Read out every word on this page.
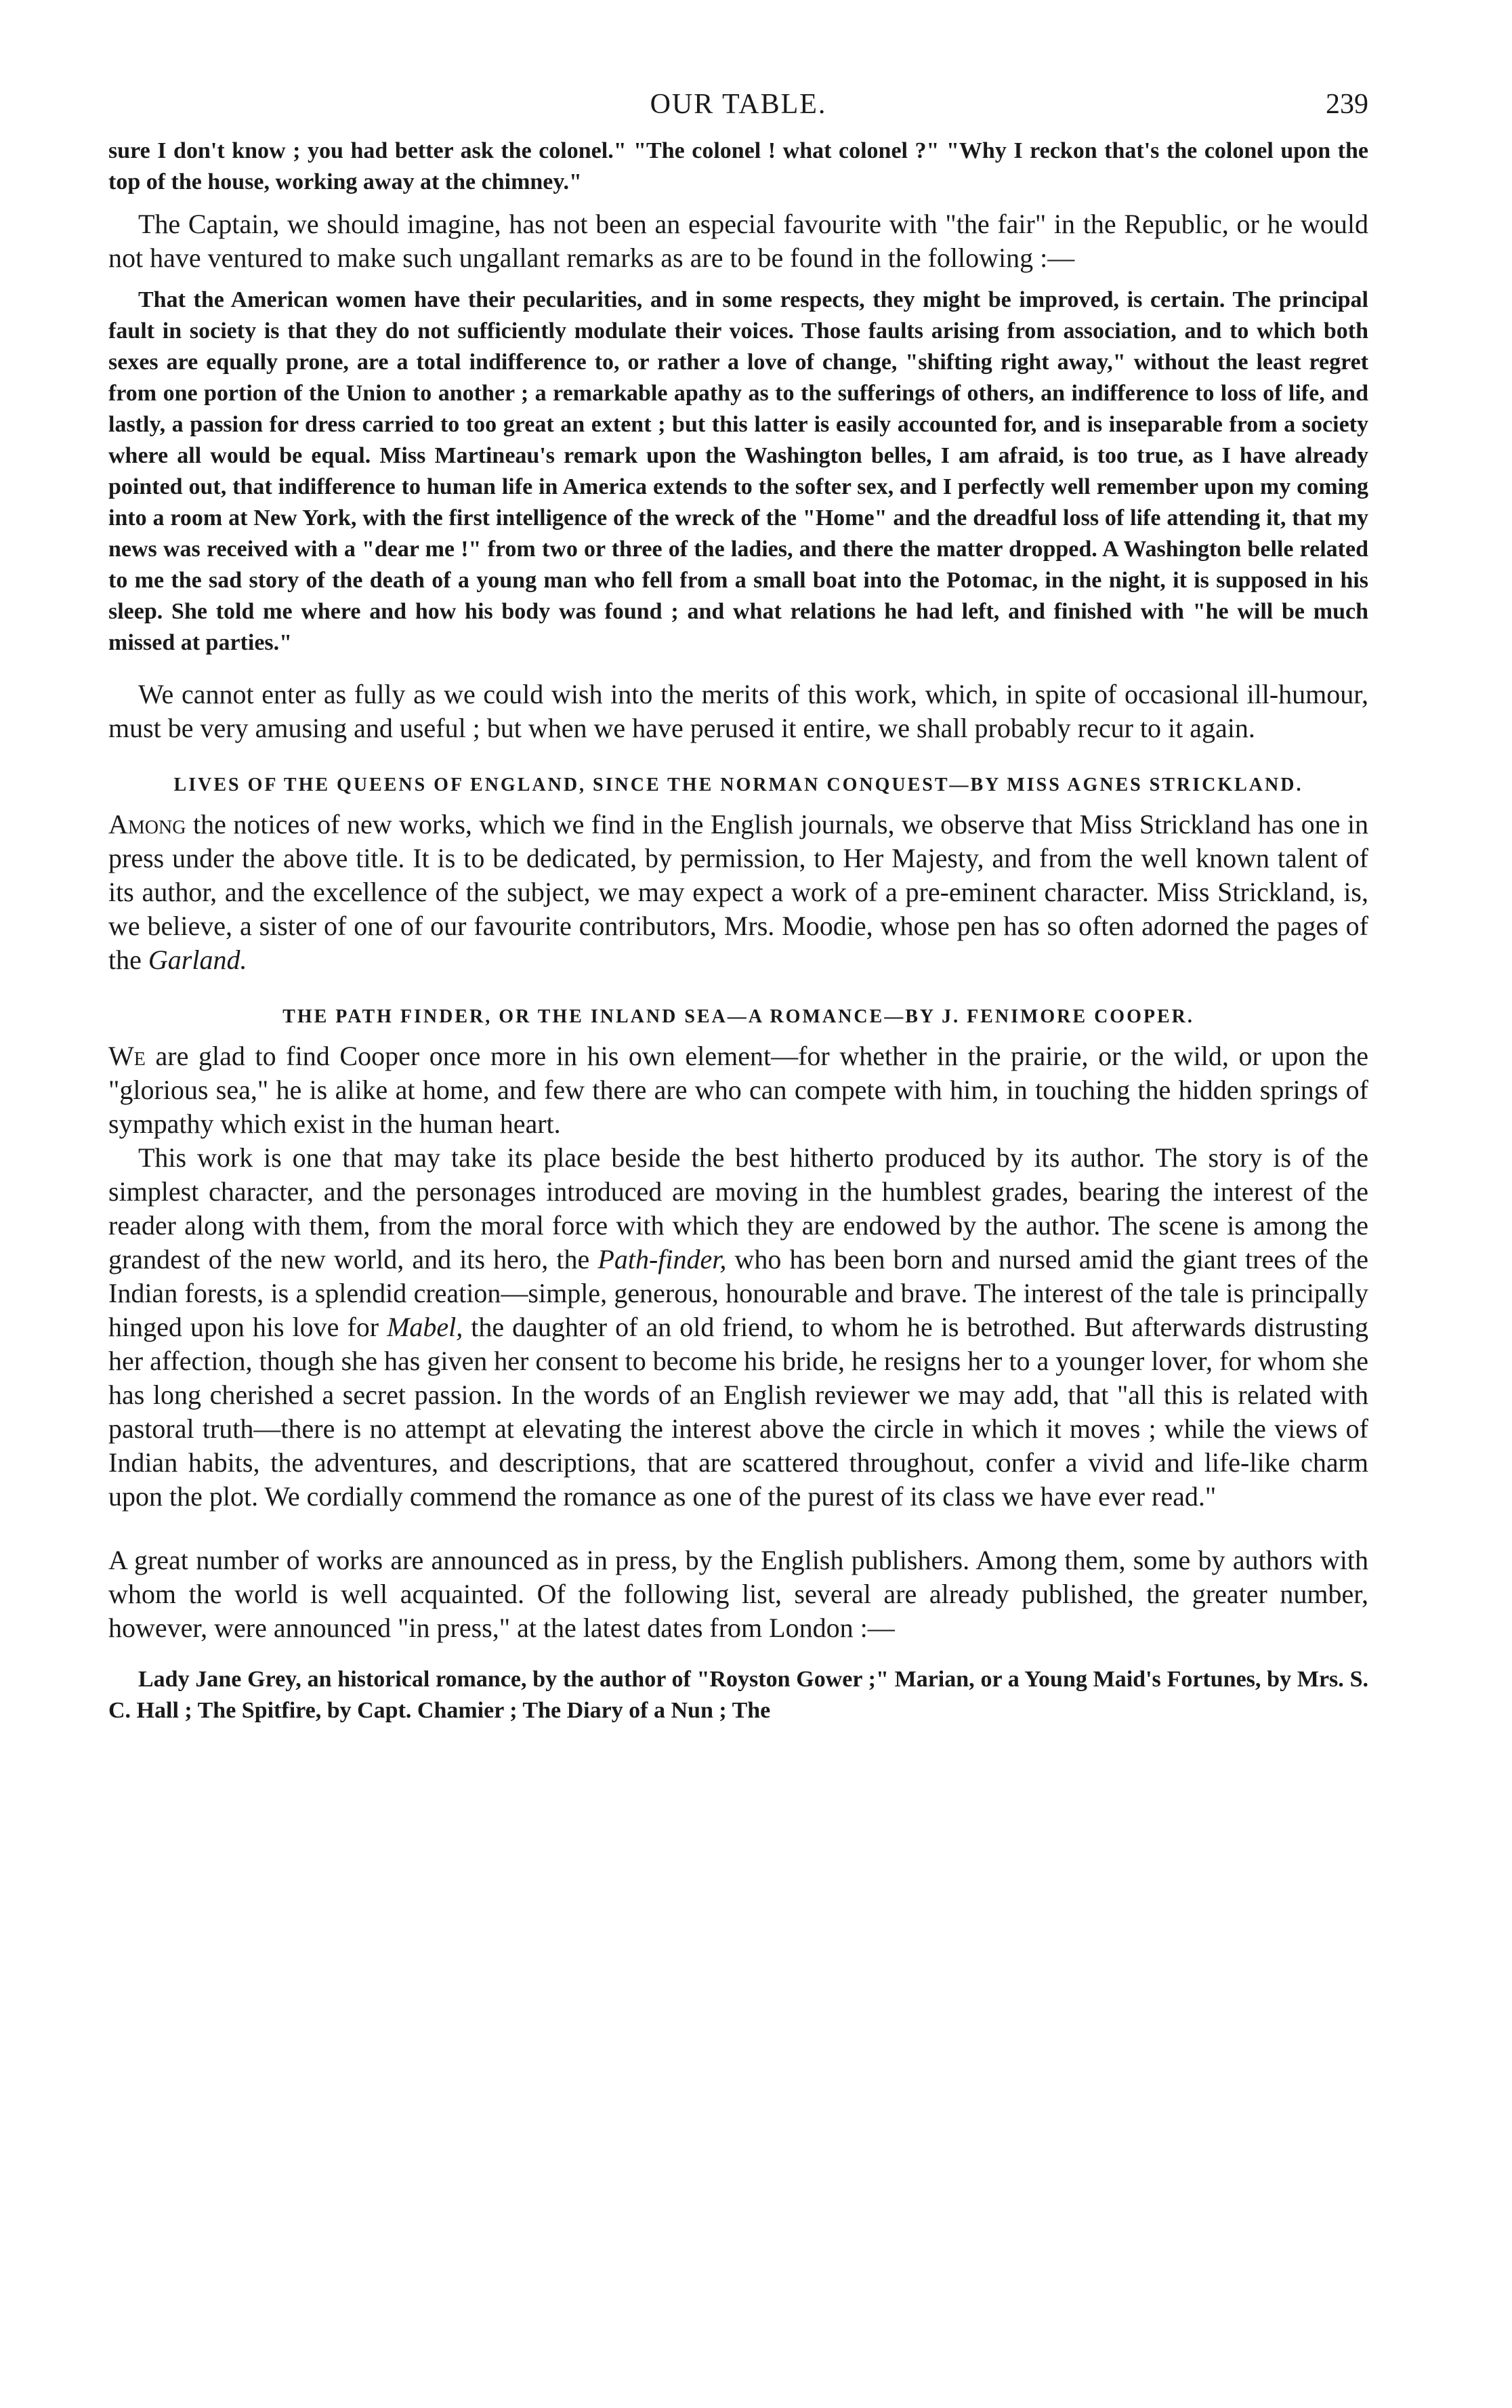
OUR TABLE.	239

sure I don't know ; you had better ask the colonel." "The colonel ! what colonel ?" "Why I reckon that's the colonel upon the top of the house, working away at the chimney."

The Captain, we should imagine, has not been an especial favourite with "the fair" in the Republic, or he would not have ventured to make such ungallant remarks as are to be found in the following :—

That the American women have their pecularities, and in some respects, they might be improved, is certain. The principal fault in society is that they do not sufficiently modulate their voices. Those faults arising from association, and to which both sexes are equally prone, are a total indifference to, or rather a love of change, "shifting right away," without the least regret from one portion of the Union to another ; a remarkable apathy as to the sufferings of others, an indifference to loss of life, and lastly, a passion for dress carried to too great an extent ; but this latter is easily accounted for, and is inseparable from a society where all would be equal. Miss Martineau's remark upon the Washington belles, I am afraid, is too true, as I have already pointed out, that indifference to human life in America extends to the softer sex, and I perfectly well remember upon my coming into a room at New York, with the first intelligence of the wreck of the "Home" and the dreadful loss of life attending it, that my news was received with a "dear me !" from two or three of the ladies, and there the matter dropped. A Washington belle related to me the sad story of the death of a young man who fell from a small boat into the Potomac, in the night, it is supposed in his sleep. She told me where and how his body was found ; and what relations he had left, and finished with "he will be much missed at parties."

We cannot enter as fully as we could wish into the merits of this work, which, in spite of occasional ill-humour, must be very amusing and useful ; but when we have perused it entire, we shall probably recur to it again.

LIVES OF THE QUEENS OF ENGLAND, SINCE THE NORMAN CONQUEST—BY MISS AGNES STRICKLAND.

Among the notices of new works, which we find in the English journals, we observe that Miss Strickland has one in press under the above title. It is to be dedicated, by permission, to Her Majesty, and from the well known talent of its author, and the excellence of the subject, we may expect a work of a pre-eminent character. Miss Strickland, is, we believe, a sister of one of our favourite contributors, Mrs. Moodie, whose pen has so often adorned the pages of the Garland.

THE PATH FINDER, OR THE INLAND SEA—A ROMANCE—BY J. FENIMORE COOPER.

We are glad to find Cooper once more in his own element—for whether in the prairie, or the wild, or upon the "glorious sea," he is alike at home, and few there are who can compete with him, in touching the hidden springs of sympathy which exist in the human heart.

This work is one that may take its place beside the best hitherto produced by its author. The story is of the simplest character, and the personages introduced are moving in the humblest grades, bearing the interest of the reader along with them, from the moral force with which they are endowed by the author. The scene is among the grandest of the new world, and its hero, the Path-finder, who has been born and nursed amid the giant trees of the Indian forests, is a splendid creation—simple, generous, honourable and brave. The interest of the tale is principally hinged upon his love for Mabel, the daughter of an old friend, to whom he is betrothed. But afterwards distrusting her affection, though she has given her consent to become his bride, he resigns her to a younger lover, for whom she has long cherished a secret passion. In the words of an English reviewer we may add, that "all this is related with pastoral truth—there is no attempt at elevating the interest above the circle in which it moves ; while the views of Indian habits, the adventures, and descriptions, that are scattered throughout, confer a vivid and life-like charm upon the plot. We cordially commend the romance as one of the purest of its class we have ever read."

A great number of works are announced as in press, by the English publishers. Among them, some by authors with whom the world is well acquainted. Of the following list, several are already published, the greater number, however, were announced "in press," at the latest dates from London :—

Lady Jane Grey, an historical romance, by the author of "Royston Gower ;" Marian, or a Young Maid's Fortunes, by Mrs. S. C. Hall ; The Spitfire, by Capt. Chamier ; The Diary of a Nun ; The
